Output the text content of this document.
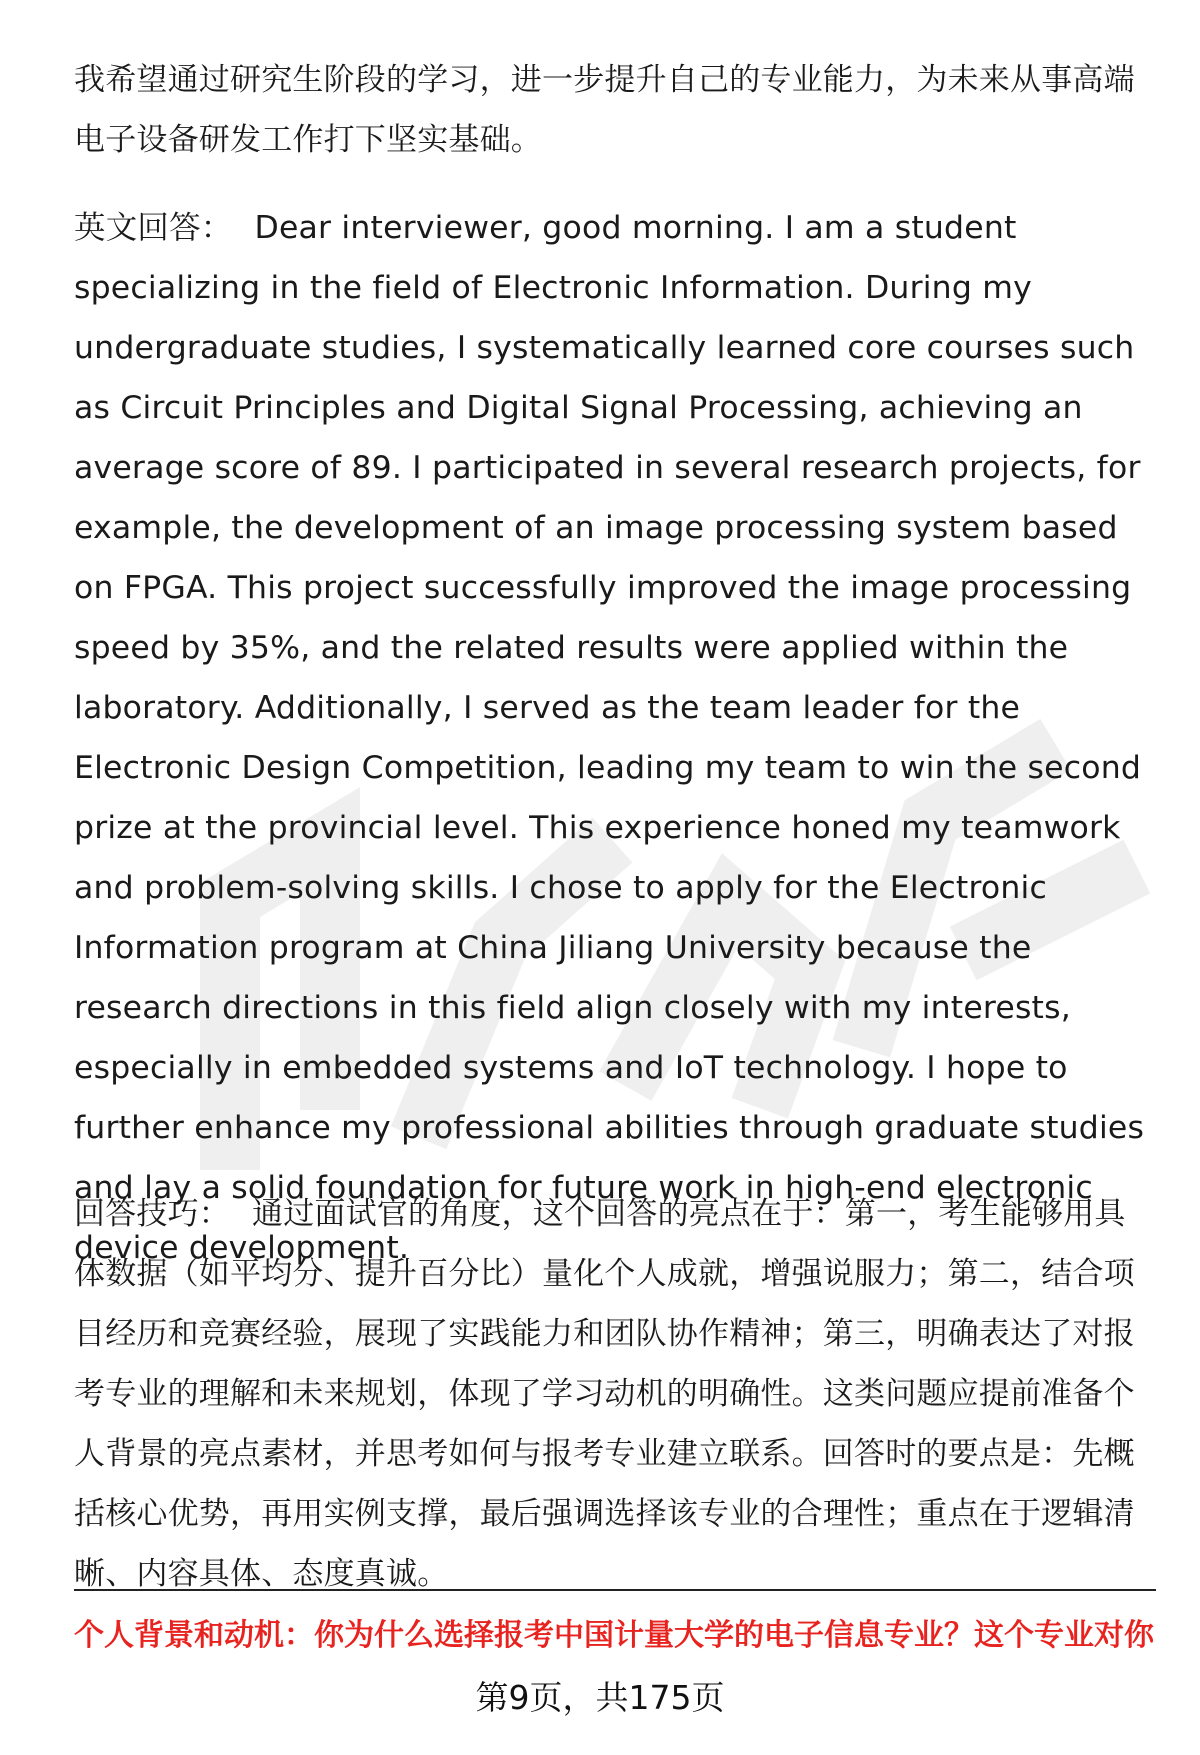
我希望通过研究生阶段的学习，进一步提升自己的专业能力，为未来从事高端电子设备研发工作打下坚实基础。

英文回答： Dear interviewer, good morning. I am a student specializing in the field of Electronic Information. During my undergraduate studies, I systematically learned core courses such as Circuit Principles and Digital Signal Processing, achieving an average score of 89. I participated in several research projects, for example, the development of an image processing system based on FPGA. This project successfully improved the image processing speed by 35%, and the related results were applied within the laboratory. Additionally, I served as the team leader for the Electronic Design Competition, leading my team to win the second prize at the provincial level. This experience honed my teamwork and problem-solving skills. I chose to apply for the Electronic Information program at China Jiliang University because the research directions in this field align closely with my interests, especially in embedded systems and IoT technology. I hope to further enhance my professional abilities through graduate studies and lay a solid foundation for future work in high-end electronic device development.

回答技巧： 通过面试官的角度，这个回答的亮点在于：第一，考生能够用具体数据（如平均分、提升百分比）量化个人成就，增强说服力；第二，结合项目经历和竞赛经验，展现了实践能力和团队协作精神；第三，明确表达了对报考专业的理解和未来规划，体现了学习动机的明确性。这类问题应提前准备个人背景的亮点素材，并思考如何与报考专业建立联系。回答时的要点是：先概括核心优势，再用实例支撑，最后强调选择该专业的合理性；重点在于逻辑清晰、内容具体、态度真诚。

个人背景和动机：你为什么选择报考中国计量大学的电子信息专业？这个专业对你
第9页，共175页
